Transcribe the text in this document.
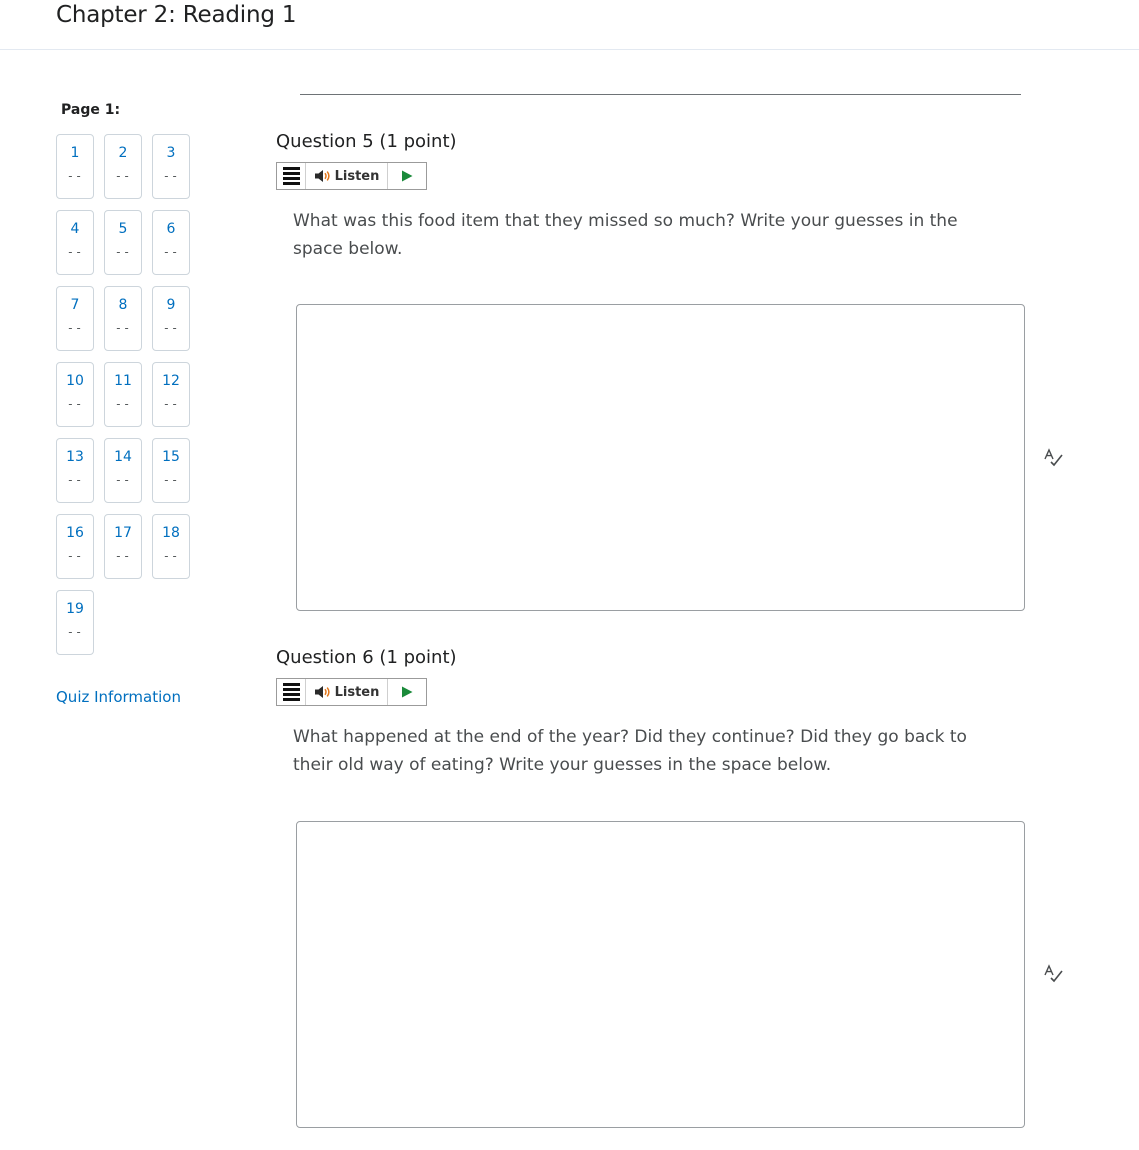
Chapter 2: Reading 1
Page 1:
1
--
2
--
3
--
4
--
5
--
6
--
7
--
8
--
9
--
10
--
11
--
12
--
13
--
14
--
15
--
16
--
17
--
18
--
19
--
Quiz Information
Question 5 (1 point)
Listen
What was this food item that they missed so much? Write your guesses in the space below.
Question 6 (1 point)
Listen
What happened at the end of the year? Did they continue? Did they go back to their old way of eating? Write your guesses in the space below.
